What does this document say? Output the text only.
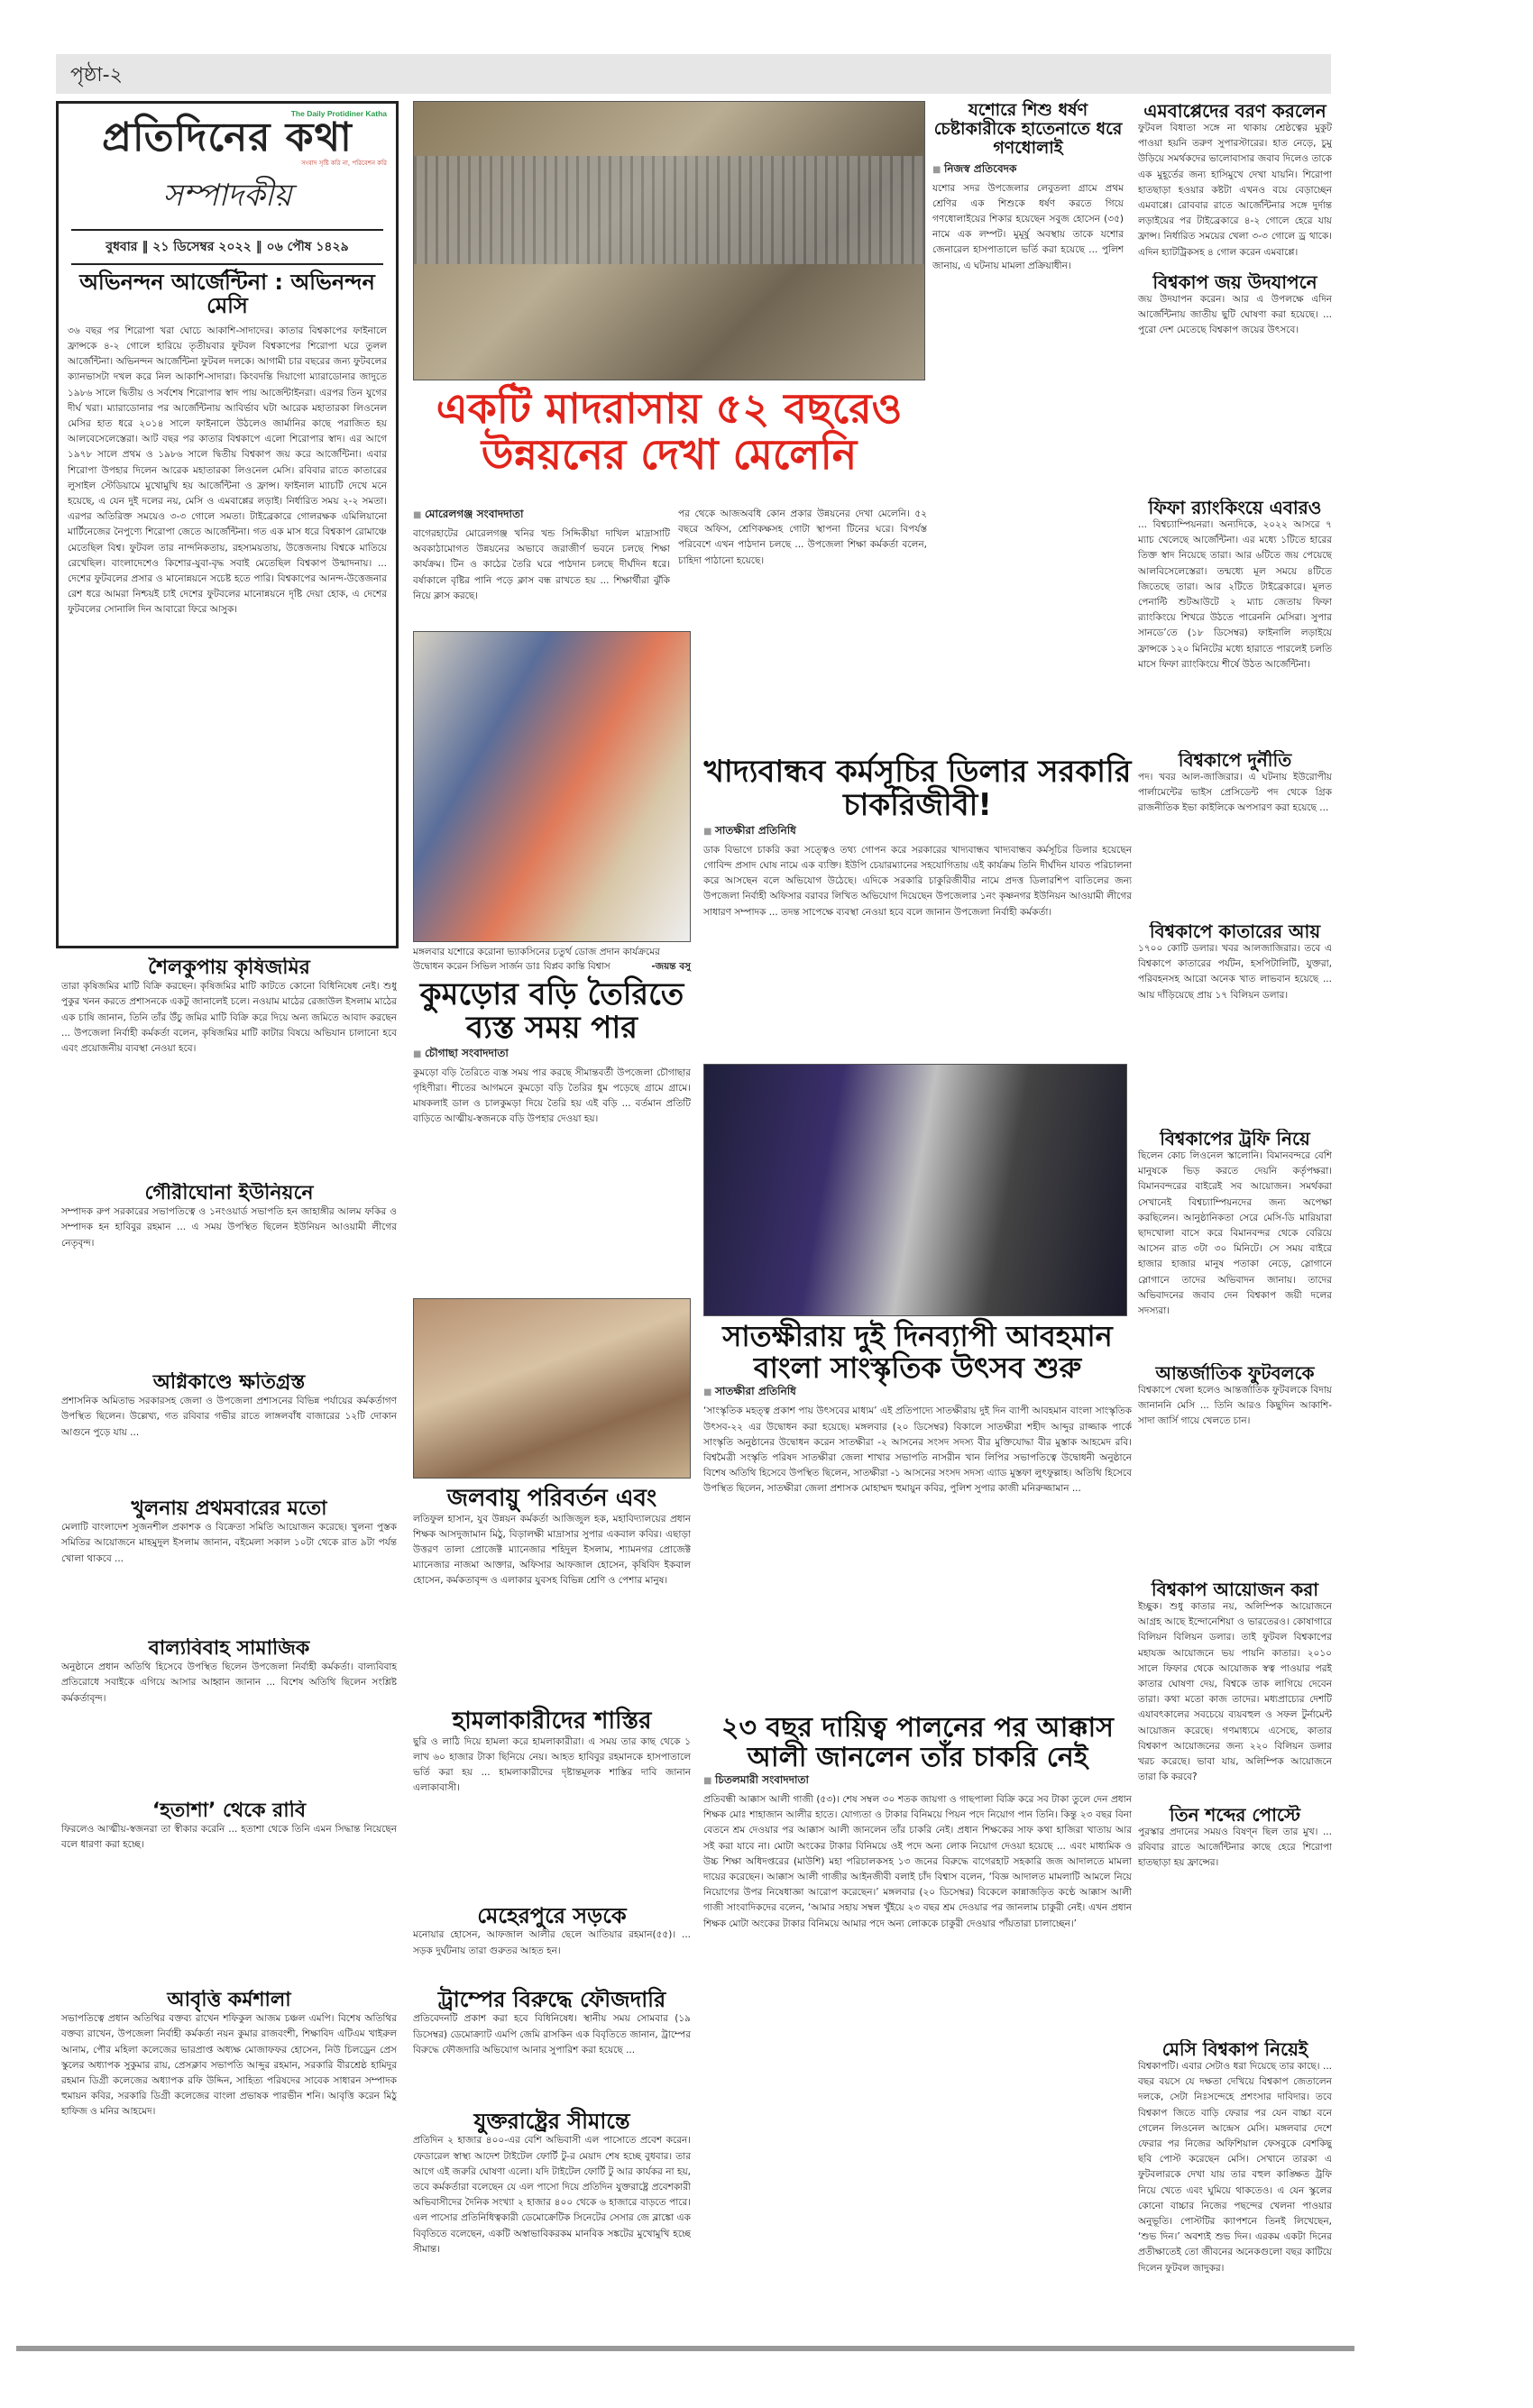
পৃষ্ঠা-২
The Daily Protidiner Katha
প্রতিদিনের কথা
সংবাদ সৃষ্টি করি না, পরিবেশন করি
সম্পাদকীয়
বুধবার ‖ ২১ ডিসেম্বর ২০২২ ‖ ০৬ পৌষ ১৪২৯
অভিনন্দন আর্জেন্টিনা : অভিনন্দন মেসি
৩৬ বছর পর শিরোপা খরা ঘোচে আকাশি-সাদাদের। কাতার বিশ্বকাপের ফাইনালে ফ্রান্সকে ৪-২ গোলে হারিয়ে তৃতীয়বার ফুটবল বিশ্বকাপের শিরোপা ঘরে তুলল আর্জেন্টিনা। অভিনন্দন আর্জেন্টিনা ফুটবল দলকে। আগামী চার বছরের জন্য ফুটবলের ক্যানভাসটা দখল করে নিল আকাশি-সাদারা। কিংবদন্তি দিয়াগো ম্যারাডোনার জাদুতে ১৯৮৬ সালে দ্বিতীয় ও সর্বশেষ শিরোপার স্বাদ পায় আর্জেন্টাইনরা। এরপর তিন যুগের দীর্ঘ খরা। ম্যারাডোনার পর আর্জেন্টিনায় আবির্ভাব ঘটা আরেক মহাতারকা লিওনেল মেসির হাত ধরে ২০১৪ সালে ফাইনালে উঠলেও জার্মানির কাছে পরাজিত হয় আলবেসেলেস্তেরা। আট বছর পর কাতার বিশ্বকাপে এলো শিরোপার স্বাদ। এর আগে ১৯৭৮ সালে প্রথম ও ১৯৮৬ সালে দ্বিতীয় বিশ্বকাপ জয় করে আর্জেন্টিনা। এবার শিরোপা উপহার দিলেন আরেক মহাতারকা লিওনেল মেসি। রবিবার রাতে কাতারের লুসাইল স্টেডিয়ামে মুখোমুখি হয় আর্জেন্টিনা ও ফ্রান্স। ফাইনাল ম্যাচটি দেখে মনে হয়েছে, এ যেন দুই দলের নয়, মেসি ও এমবাপ্পের লড়াই। নির্ধারিত সময় ২-২ সমতা। এরপর অতিরিক্ত সময়েও ৩-৩ গোলে সমতা। টাইব্রেকারে গোলরক্ষক এমিলিয়ানো মার্টিনেজের নৈপুণ্যে শিরোপা জেতে আর্জেন্টিনা। গত এক মাস ধরে বিশ্বকাপ রোমাঞ্চে মেতেছিল বিশ্ব। ফুটবল তার নান্দনিকতায়, রহস্যময়তায়, উত্তেজনায় বিশ্বকে মাতিয়ে রেখেছিল। বাংলাদেশেও কিশোর-যুবা-বৃদ্ধ সবাই মেতেছিল বিশ্বকাপ উন্মাদনায়। ... দেশের ফুটবলের প্রসার ও মানোন্নয়নে সচেষ্ট হতে পারি। বিশ্বকাপের আনন্দ-উত্তেজনার রেশ ধরে আমরা নিশ্চয়ই চাই দেশের ফুটবলের মানোন্নয়নে দৃষ্টি দেয়া হোক, এ দেশের ফুটবলের সোনালি দিন আবারো ফিরে আসুক।
শৈলকুপায় কৃষিজমির
তারা কৃষিজমির মাটি বিক্রি করছেন। কৃষিজমির মাটি কাটতে কোনো বিধিনিষেধ নেই। শুধু পুকুর খনন করতে প্রশাসনকে একটু জানালেই চলে। নওয়াম মাঠের রেজাউল ইসলাম মাঠের এক চাষি জানান, তিনি তাঁর উঁচু জমির মাটি বিক্রি করে দিয়ে অন্য জমিতে আবাদ করছেন ... উপজেলা নির্বাহী কর্মকর্তা বলেন, কৃষিজমির মাটি কাটার বিষয়ে অভিযান চালানো হবে এবং প্রয়োজনীয় ব্যবস্থা নেওয়া হবে।
গৌরীঘোনা ইউনিয়নে
সম্পাদক রুপ সরকারের সভাপতিত্বে ও ১নংওয়ার্ড সভাপতি হন জাহাঙ্গীর আলম ফকির ও সম্পাদক হন হাবিবুর রহমান ... এ সময় উপস্থিত ছিলেন ইউনিয়ন আওয়ামী লীগের নেতৃবৃন্দ।
অগ্নিকাণ্ডে ক্ষতিগ্রস্ত
প্রশাসনিক অমিতাভ সরকারসহ জেলা ও উপজেলা প্রশাসনের বিভিন্ন পর্যায়ের কর্মকর্তাগণ উপস্থিত ছিলেন। উল্লেখ্য, গত রবিবার গভীর রাতে লাঙ্গলবাঁধ বাজারের ১২টি দোকান আগুনে পুড়ে যায় ...
খুলনায় প্রথমবারের মতো
মেলাটি বাংলাদেশ সুজনশীল প্রকাশক ও বিক্রেতা সমিতি আয়োজন করেছে। খুলনা পুস্তক সমিতির আয়োজনে মাহমুদুল ইসলাম জানান, বইমেলা সকাল ১০টা থেকে রাত ৯টা পর্যন্ত খোলা থাকবে ...
বাল্যবিবাহ সামাজিক
অনুষ্ঠানে প্রধান অতিথি হিসেবে উপস্থিত ছিলেন উপজেলা নির্বাহী কর্মকর্তা। বাল্যবিবাহ প্রতিরোধে সবাইকে এগিয়ে আসার আহ্বান জানান ... বিশেষ অতিথি ছিলেন সংশ্লিষ্ট কর্মকর্তাবৃন্দ।
‘হতাশা’ থেকে রাবি
ফিরলেও আত্মীয়-স্বজনরা তা স্বীকার করেনি ... হতাশা থেকে তিনি এমন সিদ্ধান্ত নিয়েছেন বলে ধারণা করা হচ্ছে।
আবৃত্তি কর্মশালা
সভাপতিত্বে প্রধান অতিথির বক্তব্য রাখেন শফিকুল আজম চঞ্চল এমপি। বিশেষ অতিথির বক্তব্য রাখেন, উপজেলা নির্বাহী কর্মকর্তা নয়ন কুমার রাজবংশী, শিক্ষাবিদ এটিএম খাইরুল আনাম, পৌর মহিলা কলেজের ভারপ্রাপ্ত অধ্যক্ষ মোজাফফর হোসেন, নিউ চিলড্রেন প্রেস স্কুলের অধ্যাপক সুকুমার রায়, প্রেসক্লাব সভাপতি আব্দুর রহমান, সরকারি বীরশ্রেষ্ঠ হামিদুর রহমান ডিগ্রী কলেজের অধ্যাপক রফি উদ্দিন, সাহিত্য পরিষদের সাবেক সাধারন সম্পাদক হুমায়ন কবির, সরকারি ডিগ্রী কলেজের বাংলা প্রভাষক পারভীন শনি। আবৃত্তি করেন মিঠু হাফিজ ও মনির আহমেদ।
একটি মাদরাসায় ৫২ বছরেও
উন্নয়নের দেখা মেলেনি
■ মোরেলগঞ্জ সংবাদদাতা
বাগেরহাটের মোরেলগঞ্জ খনির খন্ড সিদ্দিকীয়া দাখিল মাদ্রাসাটি অবকাঠামোগত উন্নয়নের অভাবে জরাজীর্ণ ভবনে চলছে শিক্ষা কার্যক্রম। টিন ও কাঠের তৈরি ঘরে পাঠদান চলছে দীর্ঘদিন ধরে। বর্ষাকালে বৃষ্টির পানি পড়ে ক্লাস বন্ধ রাখতে হয় ... শিক্ষার্থীরা ঝুঁকি নিয়ে ক্লাস করছে।
পর থেকে আজঅবধি কোন প্রকার উন্নয়নের দেখা মেলেনি। ৫২ বছরে অফিস, শ্রেণিকক্ষসহ গোটা স্থাপনা টিনের ঘরে। বিপর্যস্ত পরিবেশে এখন পাঠদান চলছে ... উপজেলা শিক্ষা কর্মকর্তা বলেন, চাহিদা পাঠানো হয়েছে।
যশোরে শিশু ধর্ষণ চেষ্টাকারীকে হাতেনাতে ধরে গণধোলাই
■ নিজস্ব প্রতিবেদক
যশোর সদর উপজেলার লেবুতলা গ্রামে প্রথম শ্রেণির এক শিশুকে ধর্ষণ করতে গিয়ে গণধোলাইয়ের শিকার হয়েছেন সবুজ হোসেন (৩৫) নামে এক লম্পট। মুমূর্ষু অবস্থায় তাকে যশোর জেনারেল হাসপাতালে ভর্তি করা হয়েছে ... পুলিশ জানায়, এ ঘটনায় মামলা প্রক্রিয়াধীন।
মঙ্গলবার যশোরে করোনা ভ্যাকসিনের চতুর্থ ডোজ প্রদান কার্যক্রমের উদ্বোধন করেন সিভিল সার্জন ডাঃ বিপ্লব কান্তি বিশ্বাস	-জয়ন্ত বসু
কুমড়োর বড়ি তৈরিতে ব্যস্ত সময় পার
■ চৌগাছা সংবাদদাতা
কুমড়ো বড়ি তৈরিতে ব্যস্ত সময় পার করছে সীমান্তবর্তী উপজেলা চৌগাছার গৃহিণীরা। শীতের আগমনে কুমড়ো বড়ি তৈরির ধুম পড়েছে গ্রামে গ্রামে। মাষকলাই ডাল ও চালকুমড়া দিয়ে তৈরি হয় এই বড়ি ... বর্তমান প্রতিটি বাড়িতে আত্মীয়-স্বজনকে বড়ি উপহার দেওয়া হয়।
জলবায়ু পরিবর্তন এবং
লতিফুল হাসান, যুব উন্নয়ন কর্মকর্তা আজিজুল হক, মহাবিদ্যালয়ের প্রধান শিক্ষক আসদুজামান মিঠু, বিড়ালক্ষী মাদ্রাসার সুপার একবাল কবির। এছাড়া উত্তরণ তালা প্রোজেক্ট ম্যানেজার শহিদুল ইসলাম, শ্যামনগর প্রোজেক্ট ম্যানেজার নাজমা আক্তার, অফিসার আফজাল হোসেন, কৃষিবিদ ইকবাল হোসেন, কর্মকতাবৃন্দ ও এলাকার যুবসহ বিভিন্ন শ্রেণি ও পেশার মানুষ।
হামলাকারীদের শাস্তির
ছুরি ও লাঠি দিয়ে হামলা করে হামলাকারীরা। এ সময় তার কাছ থেকে ১ লাখ ৬০ হাজার টাকা ছিনিয়ে নেয়। আহত হাবিবুর রহমানকে হাসপাতালে ভর্তি করা হয় ... হামলাকারীদের দৃষ্টান্তমূলক শাস্তির দাবি জানান এলাকাবাসী।
মেহেরপুরে সড়কে
মনোয়ার হোসেন, আফজাল আলীর ছেলে আতিয়ার রহমান(৫৫)। ... সড়ক দুর্ঘটনায় তারা গুরুতর আহত হন।
ট্রাম্পের বিরুদ্ধে ফৌজদারি
প্রতিবেদনটি প্রকাশ করা হবে বিধিনিষেধ। স্থানীয় সময় সোমবার (১৯ ডিসেম্বর) ডেমোক্র্যাট এমপি জেমি রাসকিন এক বিবৃতিতে জানান, ট্রাম্পের বিরুদ্ধে ফৌজদারি অভিযোগ আনার সুপারিশ করা হয়েছে ...
যুক্তরাষ্ট্রের সীমান্তে
প্রতিদিন ২ হাজার ৪০০-এর বেশি অভিবাসী এল পাসোতে প্রবেশ করেন। ফেডারেল স্বাস্থ্য আদেশ টাইটেল ফোর্টি টু-র মেয়াদ শেষ হচ্ছে বুধবার। তার আগে এই জরুরি ঘোষণা এলো। যদি টাইটেল ফোর্টি টু আর কার্যকর না হয়, তবে কর্মকর্তারা বলেছেন যে এল পাসো দিয়ে প্রতিদিন যুক্তরাষ্ট্রে প্রবেশকারী অভিবাসীদের দৈনিক সংখ্যা ২ হাজার ৪০০ থেকে ৬ হাজারে বাড়তে পারে। এল পাসোর প্রতিনিধিত্বকারী ডেমোক্রেটিক সিনেটের সেসার জে ব্লাঙ্কো এক বিবৃতিতে বলেছেন, একটি অস্বাভাবিকরকম মানবিক সঙ্কটের মুখোমুখি হচ্ছে সীমান্ত।
খাদ্যবান্ধব কর্মসূচির ডিলার সরকারি চাকরিজীবী!
■ সাতক্ষীরা প্রতিনিধি
ডাক বিভাগে চাকরি করা সত্ত্বেও তথ্য গোপন করে সরকারের খাদ্যবান্ধব খাদ্যবান্ধব কর্মসূচির ডিলার হয়েছেন গোবিন্দ প্রসাদ ঘোষ নামে এক ব্যক্তি। ইউপি চেয়ারম্যানের সহযোগিতায় এই কার্যক্রম তিনি দীর্ঘদিন যাবত পরিচালনা করে আসছেন বলে অভিযোগ উঠেছে। এদিকে সরকারি চাকুরিজীবীর নামে প্রদত্ত ডিলারশিপ বাতিলের জন্য উপজেলা নির্বাহী অফিসার বরাবর লিখিত অভিযোগ দিয়েছেন উপজেলার ১নং কৃষ্ণনগর ইউনিয়ন আওয়ামী লীগের সাধারণ সম্পাদক ... তদন্ত সাপেক্ষে ব্যবস্থা নেওয়া হবে বলে জানান উপজেলা নির্বাহী কর্মকর্তা।
সাতক্ষীরায় দুই দিনব্যাপী আবহমান বাংলা সাংস্কৃতিক উৎসব শুরু
■ সাতক্ষীরা প্রতিনিধি
‘সাংস্কৃতিক মহত্ত্ব প্রকাশ পায় উৎসবের মাধ্যম’ এই প্রতিপাদ্যে সাতক্ষীরায় দুই দিন ব্যাপী আবহমান বাংলা সাংস্কৃতিক উৎসব-২২ এর উদ্বোধন করা হয়েছে। মঙ্গলবার (২০ ডিসেম্বর) বিকালে সাতক্ষীরা শহীদ আব্দুর রাজ্জাক পার্কে সাংস্কৃতি অনুষ্ঠানের উদ্বোধন করেন সাতক্ষীরা -২ আসনের সংসদ সদস্য বীর মুক্তিযোদ্ধা বীর মুস্তাক আহমেদ রবি। বিশ্বমৈত্রী সংস্কৃতি পরিষদ সাতক্ষীরা জেলা শাখার সভাপতি নাসরীন খান লিপির সভাপতিত্বে উদ্বোধনী অনুষ্ঠানে বিশেষ অতিথি হিসেবে উপস্থিত ছিলেন, সাতক্ষীরা -১ আসনের সংসদ সদস্য এ্যাড মুস্তফা লুৎফুল্লাহ। অতিথি হিসেবে উপস্থিত ছিলেন, সাতক্ষীরা জেলা প্রশাসক মোহাম্মদ হুমায়ুন কবির, পুলিশ সুপার কাজী মনিরুজ্জামান ...
২৩ বছর দায়িত্ব পালনের পর আক্কাস আলী জানলেন তাঁর চাকরি নেই
■ চিতলমারী সংবাদদাতা
প্রতিবন্ধী আক্কাস আলী গাজী (৫৩)। শেষ সম্বল ৩০ শতক জায়গা ও গাছপালা বিক্রি করে সব টাকা তুলে দেন প্রধান শিক্ষক মোঃ শাহাজান আলীর হাতে। যোগ্যতা ও টাকার বিনিময়ে পিয়ন পদে নিয়োগ পান তিনি। কিন্তু ২৩ বছর বিনা বেতনে শ্রম দেওয়ার পর আক্কাস আলী জানলেন তাঁর চাকরি নেই। প্রধান শিক্ষকের সাফ কথা হাজিরা খাতায় আর সই করা যাবে না। মোটা অংকের টাকার বিনিময়ে ওই পদে অন্য লোক নিয়োগ দেওয়া হয়েছে ... এবং মাধ্যমিক ও উচ্চ শিক্ষা অধিদপ্তরের (মাউশি) মহা পরিচালকসহ ১৩ জনের বিরুদ্ধে বাগেরহাট সহকারি জজ আদালতে মামলা দায়ের করেছেন। আক্কাস আলী গাজীর আইনজীবী বলাই চাঁদ বিশ্বাস বলেন, ‘বিজ্ঞ আদালত মামলাটি আমলে নিয়ে নিয়োগের উপর নিষেধাজ্ঞা আরোপ করেছেন।’ মঙ্গলবার (২০ ডিসেম্বর) বিকেলে কান্নাজড়িত কণ্ঠে আক্কাস আলী গাজী সাংবাদিকদের বলেন, ‘আমার সহায় সম্বল খুঁইয়ে ২৩ বছর শ্রম দেওয়ার পর জানলাম চাকুরী নেই। এখন প্রধান শিক্ষক মোটা অংকের টাকার বিনিময়ে আমার পদে অন্য লোককে চাকুরী দেওয়ার পাঁয়তারা চালাচ্ছেন।’
এমবাপ্পেদের বরণ করলেন
ফুটবল বিধাতা সঙ্গে না থাকায় শ্রেষ্ঠত্বের মুকুট পাওয়া হয়নি তরুণ সুপারস্টারের। হাত নেড়ে, চুমু উড়িয়ে সমর্থকদের ভালোবাসার জবাব দিলেও তাকে এক মুহূর্তের জন্য হাসিমুখে দেখা যায়নি। শিরোপা হাতছাড়া হওয়ার কষ্টটা এখনও বয়ে বেড়াচ্ছেন এমবাপ্পে। রোববার রাতে আর্জেন্টিনার সঙ্গে দুর্দান্ত লড়াইয়ের পর টাইব্রেকারে ৪-২ গোলে হেরে যায় ফ্রান্স। নির্ধারিত সময়ের খেলা ৩-৩ গোলে ড্র থাকে। এদিন হ্যাটট্রিকসহ ৪ গোল করেন এমবাপ্পে।
বিশ্বকাপ জয় উদযাপনে
জয় উদযাপন করেন। আর এ উপলক্ষে এদিন আর্জেন্টিনায় জাতীয় ছুটি ঘোষণা করা হয়েছে। ... পুরো দেশ মেতেছে বিশ্বকাপ জয়ের উৎসবে।
ফিফা র‍্যাংকিংয়ে এবারও
... বিশ্বচ্যাম্পিয়নরা। অন্যদিকে, ২০২২ আসরে ৭ ম্যাচ খেলেছে আর্জেন্টিনা। এর মধ্যে ১টিতে হারের তিক্ত স্বাদ নিয়েছে তারা। আর ৬টিতে জয় পেয়েছে আলবিসেলেস্তেরা। তন্মধ্যে মূল সময়ে ৪টিতে জিতেছে তারা। আর ২টিতে টাইব্রেকারে। মূলত পেনাল্টি শুটআউটে ২ ম্যাচ জেতায় ফিফা র‍্যাংকিংয়ে শিখরে উঠতে পারেননি মেসিরা। সুপার সানডে’তে (১৮ ডিসেম্বর) ফাইনালি লড়াইয়ে ফ্রান্সকে ১২০ মিনিটের মধ্যে হারাতে পারলেই চলতি মাসে ফিফা র‍্যাংকিংয়ে শীর্ষে উঠত আর্জেন্টিনা।
বিশ্বকাপে দুর্নীতি
পদ। খবর আল-জাজিরার। এ ঘটনায় ইউরোপীয় পার্লামেন্টের ভাইস প্রেসিডেন্ট পদ থেকে গ্রিক রাজনীতিক ইভা কাইলিকে অপসারণ করা হয়েছে ...
বিশ্বকাপে কাতারের আয়
১৭০০ কোটি ডলার। খবর আলজাজিরার। তবে এ বিশ্বকাপে কাতারের পর্যটন, হসপিটালিটি, যুক্তরা, পরিবহনসহ আরো অনেক খাত লাভবান হয়েছে ... আয় দাঁড়িয়েছে প্রায় ১৭ বিলিয়ন ডলার।
বিশ্বকাপের ট্রফি নিয়ে
ছিলেন কোচ লিওনেল স্কালোনি। বিমানবন্দরে বেশি মানুষকে ভিড় করতে দেয়নি কর্তৃপক্ষরা। বিমানবন্দরের বাইরেই সব আয়োজন। সমর্থকরা সেখানেই বিশ্বচ্যাম্পিয়নদের জন্য অপেক্ষা করছিলেন। আনুষ্ঠানিকতা সেরে মেসি-ডি মারিয়ারা ছাদখোলা বাসে করে বিমানবন্দর থেকে বেরিয়ে আসেন রাত ৩টা ৩০ মিনিটে। সে সময় বাইরে হাজার হাজার মানুষ পতাকা নেড়ে, স্লোগানে স্লোগানে তাদের অভিবাদন জানায়। তাদের অভিবাদনের জবাব দেন বিশ্বকাপ জয়ী দলের সদস্যরা।
আন্তর্জাতিক ফুটবলকে
বিশ্বকাপে খেলা হলেও আন্তর্জাতিক ফুটবলকে বিদায় জানাননি মেসি ... তিনি আরও কিছুদিন আকাশি-সাদা জার্সি গায়ে খেলতে চান।
বিশ্বকাপ আয়োজন করা
ইচ্ছুক। শুধু কাতার নয়, অলিম্পিক আয়োজনে আগ্রহ আছে ইন্দোনেশিয়া ও ভারতেরও। কোষাগারে বিলিয়ন বিলিয়ন ডলার। তাই ফুটবল বিশ্বকাপের মহাযজ্ঞ আয়োজনে ভয় পায়নি কাতার। ২০১০ সালে ফিফার থেকে আয়োজক স্বত্ব পাওয়ার পরই কাতার ঘোষণা দেয়, বিশ্বকে তাক লাগিয়ে দেবেন তারা। কথা মতো কাজ তাদের। মধ্যপ্রাচ্যের দেশটি এযাবৎকালের সবচেয়ে ব্যয়বহুল ও সফল টুর্নামেন্ট আয়োজন করেছে। গণমাধ্যমে এসেছে, কাতার বিশ্বকাপ আয়োজনের জন্য ২২০ বিলিয়ন ডলার খরচ করেছে। ভাবা যায়, অলিম্পিক আয়োজনে তারা কি করবে?
তিন শব্দের পোস্টে
পুরস্কার প্রদানের সময়ও বিষণ্ন ছিল তার মুখ। ... রবিবার রাতে আর্জেন্টিনার কাছে হেরে শিরোপা হাতছাড়া হয় ফ্রান্সের।
মেসি বিশ্বকাপ নিয়েই
বিশ্বকাপটি। এবার সেটাও ধরা দিয়েছে তার কাছে। ... বছর বয়সে যে দক্ষতা দেখিয়ে বিশ্বকাপ জেতালেন দলকে, সেটা নিঃসন্দেহে প্রশংসার দাবিদার। তবে বিশ্বকাপ জিতে বাড়ি ফেরার পর যেন বাচ্চা বনে গেলেন লিওনেল আন্দ্রেস মেসি। মঙ্গলবার দেশে ফেরার পর নিজের অফিশিয়াল ফেসবুকে বেশকিছু ছবি পোস্ট করেছেন মেসি। সেখানে তারকা এ ফুটবলারকে দেখা যায় তার বহুল কাঙ্ক্ষিত ট্রফি নিয়ে খেতে এবং ঘুমিয়ে থাকতেও। এ যেন স্কুলের কোনো বাচ্চার নিজের পছন্দের খেলনা পাওয়ার অনুভূতি। পোস্টটির ক্যাপশনে তিনই লিখেছেন, ‘শুভ দিন।’ অবশ্যই শুভ দিন। এরকম একটা দিনের প্রতীক্ষাতেই তো জীবনের অনেকগুলো বছর কাটিয়ে দিলেন ফুটবল জাদুকর।
